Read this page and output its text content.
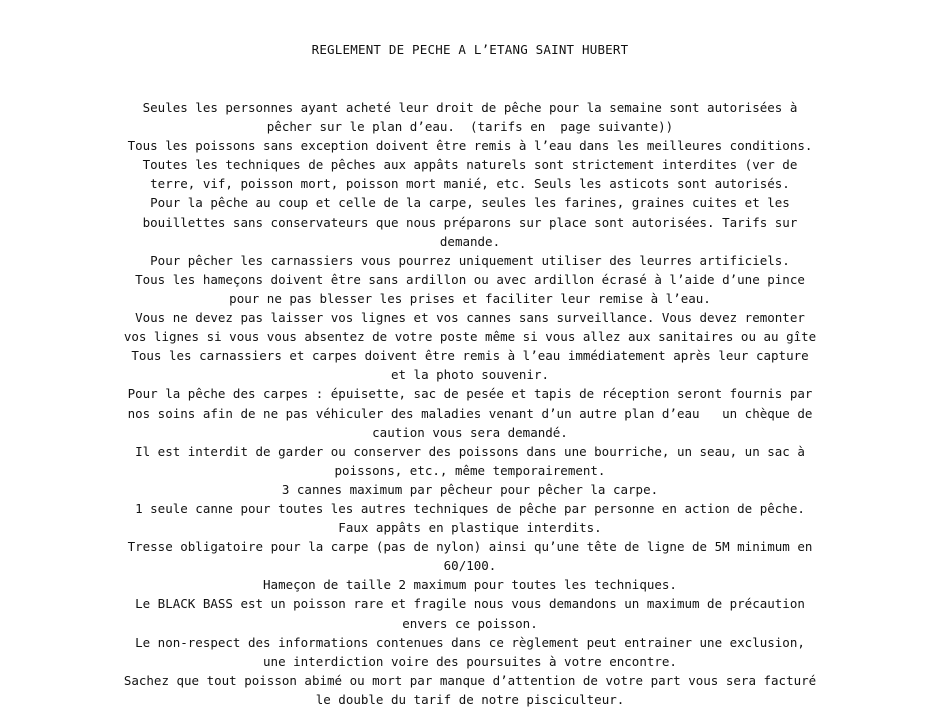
REGLEMENT DE PECHE A L’ETANG SAINT HUBERT
Seules les personnes ayant acheté leur droit de pêche pour la semaine sont autorisées à
pêcher sur le plan d’eau.  (tarifs en  page suivante))
Tous les poissons sans exception doivent être remis à l’eau dans les meilleures conditions.
Toutes les techniques de pêches aux appâts naturels sont strictement interdites (ver de
terre, vif, poisson mort, poisson mort manié, etc. Seuls les asticots sont autorisés.
Pour la pêche au coup et celle de la carpe, seules les farines, graines cuites et les
bouillettes sans conservateurs que nous préparons sur place sont autorisées. Tarifs sur
demande.
Pour pêcher les carnassiers vous pourrez uniquement utiliser des leurres artificiels.
Tous les hameçons doivent être sans ardillon ou avec ardillon écrasé à l’aide d’une pince
pour ne pas blesser les prises et faciliter leur remise à l’eau.
Vous ne devez pas laisser vos lignes et vos cannes sans surveillance. Vous devez remonter
vos lignes si vous vous absentez de votre poste même si vous allez aux sanitaires ou au gîte
Tous les carnassiers et carpes doivent être remis à l’eau immédiatement après leur capture
et la photo souvenir.
Pour la pêche des carpes : épuisette, sac de pesée et tapis de réception seront fournis par
nos soins afin de ne pas véhiculer des maladies venant d’un autre plan d’eau   un chèque de
caution vous sera demandé.
Il est interdit de garder ou conserver des poissons dans une bourriche, un seau, un sac à
poissons, etc., même temporairement.
3 cannes maximum par pêcheur pour pêcher la carpe.
1 seule canne pour toutes les autres techniques de pêche par personne en action de pêche.
Faux appâts en plastique interdits.
Tresse obligatoire pour la carpe (pas de nylon) ainsi qu’une tête de ligne de 5M minimum en
60/100.
Hameçon de taille 2 maximum pour toutes les techniques.
Le BLACK BASS est un poisson rare et fragile nous vous demandons un maximum de précaution
envers ce poisson.
Le non-respect des informations contenues dans ce règlement peut entrainer une exclusion,
une interdiction voire des poursuites à votre encontre.
Sachez que tout poisson abimé ou mort par manque d’attention de votre part vous sera facturé
le double du tarif de notre pisciculteur.
